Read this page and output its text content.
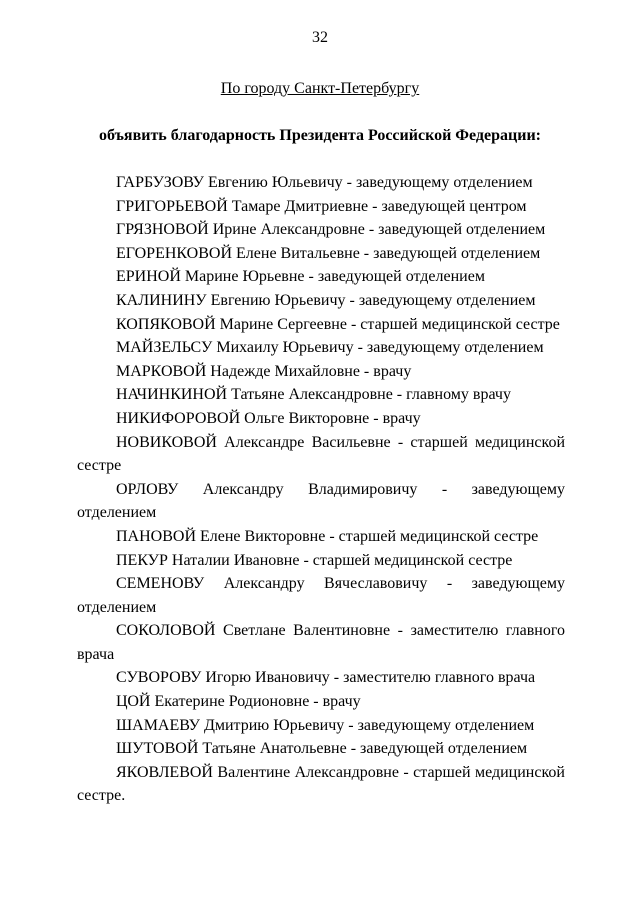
32
По городу Санкт-Петербургу
объявить благодарность Президента Российской Федерации:
ГАРБУЗОВУ Евгению Юльевичу - заведующему отделением
ГРИГОРЬЕВОЙ Тамаре Дмитриевне - заведующей центром
ГРЯЗНОВОЙ Ирине Александровне - заведующей отделением
ЕГОРЕНКОВОЙ Елене Витальевне - заведующей отделением
ЕРИНОЙ Марине Юрьевне - заведующей отделением
КАЛИНИНУ Евгению Юрьевичу - заведующему отделением
КОПЯКОВОЙ Марине Сергеевне - старшей медицинской сестре
МАЙЗЕЛЬСУ Михаилу Юрьевичу - заведующему отделением
МАРКОВОЙ Надежде Михайловне - врачу
НАЧИНКИНОЙ Татьяне Александровне - главному врачу
НИКИФОРОВОЙ Ольге Викторовне - врачу
НОВИКОВОЙ Александре Васильевне - старшей медицинской сестре
ОРЛОВУ Александру Владимировичу - заведующему отделением
ПАНОВОЙ Елене Викторовне - старшей медицинской сестре
ПЕКУР Наталии Ивановне - старшей медицинской сестре
СЕМЕНОВУ Александру Вячеславовичу - заведующему отделением
СОКОЛОВОЙ Светлане Валентиновне - заместителю главного врача
СУВОРОВУ Игорю Ивановичу - заместителю главного врача
ЦОЙ Екатерине Родионовне - врачу
ШАМАЕВУ Дмитрию Юрьевичу - заведующему отделением
ШУТОВОЙ Татьяне Анатольевне - заведующей отделением
ЯКОВЛЕВОЙ Валентине Александровне - старшей медицинской сестре.
